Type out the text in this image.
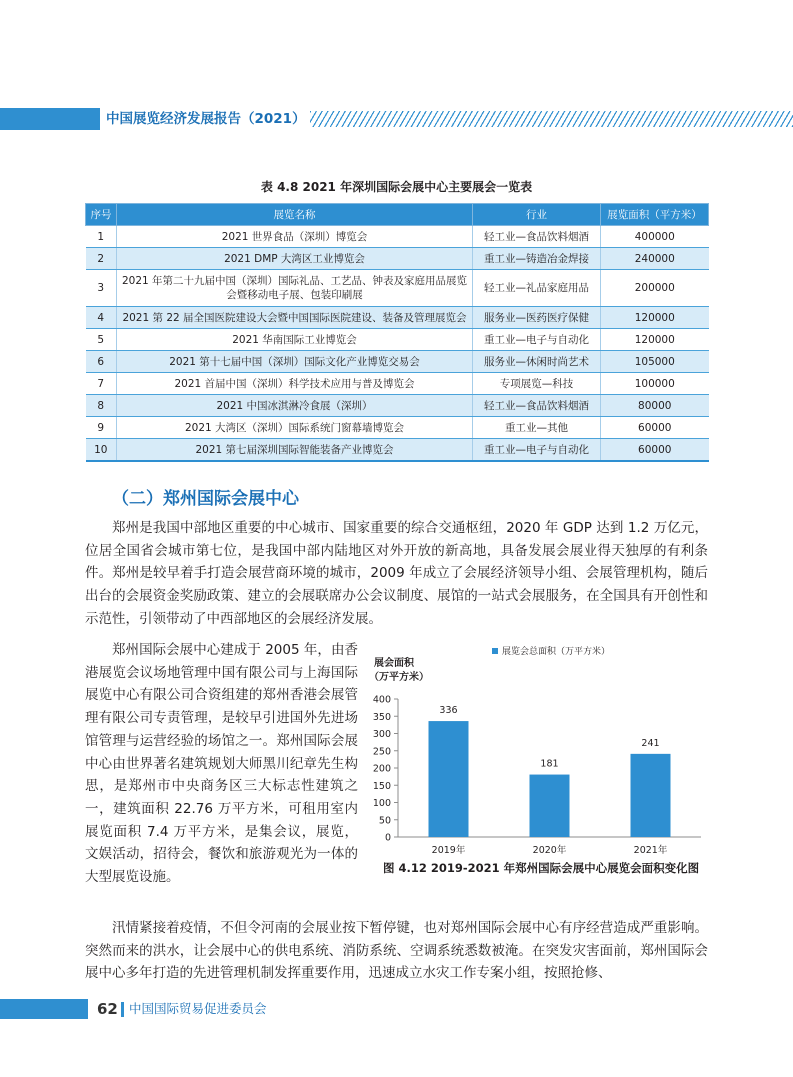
中国展览经济发展报告（2021）
表 4.8 2021 年深圳国际会展中心主要展会一览表
序号	展览名称	行业	展览面积（平方米）
1	2021 世界食品（深圳）博览会	轻工业—食品饮料烟酒	400000
2	2021 DMP 大湾区工业博览会	重工业—铸造冶金焊接	240000
3	2021 年第二十九届中国（深圳）国际礼品、工艺品、钟表及家庭用品展览会暨移动电子展、包装印刷展	轻工业—礼品家庭用品	200000
4	2021 第 22 届全国医院建设大会暨中国国际医院建设、装备及管理展览会	服务业—医药医疗保健	120000
5	2021 华南国际工业博览会	重工业—电子与自动化	120000
6	2021 第十七届中国（深圳）国际文化产业博览交易会	服务业—休闲时尚艺术	105000
7	2021 首届中国（深圳）科学技术应用与普及博览会	专项展览—科技	100000
8	2021 中国冰淇淋冷食展（深圳）	轻工业—食品饮料烟酒	80000
9	2021 大湾区（深圳）国际系统门窗幕墙博览会	重工业—其他	60000
10	2021 第七届深圳国际智能装备产业博览会	重工业—电子与自动化	60000
（二）郑州国际会展中心
郑州是我国中部地区重要的中心城市、国家重要的综合交通枢纽，2020 年 GDP 达到 1.2 万亿元，位居全国省会城市第七位，是我国中部内陆地区对外开放的新高地，具备发展会展业得天独厚的有利条件。郑州是较早着手打造会展营商环境的城市，2009 年成立了会展经济领导小组、会展管理机构，随后出台的会展资金奖励政策、建立的会展联席办公会议制度、展馆的一站式会展服务，在全国具有开创性和示范性，引领带动了中西部地区的会展经济发展。
郑州国际会展中心建成于 2005 年，由香港展览会议场地管理中国有限公司与上海国际展览中心有限公司合资组建的郑州香港会展管理有限公司专责管理，是较早引进国外先进场馆管理与运营经验的场馆之一。郑州国际会展中心由世界著名建筑规划大师黑川纪章先生构思，是郑州市中央商务区三大标志性建筑之一，建筑面积 22.76 万平方米，可租用室内展览面积 7.4 万平方米，是集会议，展览，文娱活动，招待会，餐饮和旅游观光为一体的大型展览设施。
展会面积
（万平方米）
展览会总面积（万平方米）
0
50
100
150
200
250
300
350
400
336
2019年
181
2020年
241
2021年
图 4.12 2019-2021 年郑州国际会展中心展览会面积变化图
汛情紧接着疫情，不但令河南的会展业按下暂停键，也对郑州国际会展中心有序经营造成严重影响。突然而来的洪水，让会展中心的供电系统、消防系统、空调系统悉数被淹。在突发灾害面前，郑州国际会展中心多年打造的先进管理机制发挥重要作用，迅速成立水灾工作专案小组，按照抢修、
62 中国国际贸易促进委员会
